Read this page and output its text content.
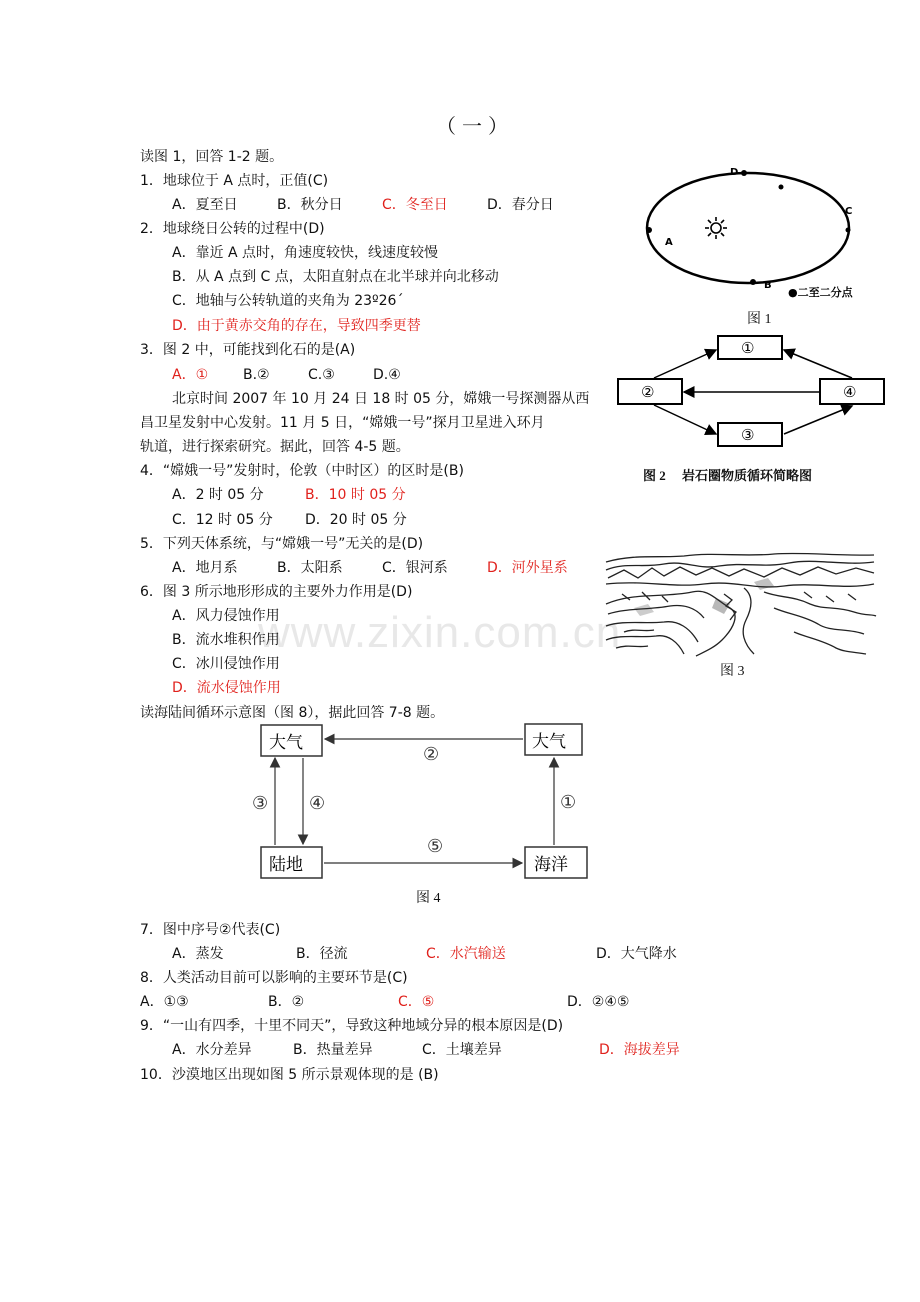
www.zixin.com.cn
（一）
读图 1，回答 1-2 题。
1．地球位于 A 点时，正值(C)
A．夏至日	B．秋分日	C．冬至日	D．春分日
2．地球绕日公转的过程中(D)
A．靠近 A 点时，角速度较快，线速度较慢
B．从 A 点到 C 点，太阳直射点在北半球并向北移动
C．地轴与公转轨道的夹角为 23º26´
D．由于黄赤交角的存在，导致四季更替
3．图 2 中，可能找到化石的是(A)
A．① B.②	C.③	D.④
北京时间 2007 年 10 月 24 日 18 时 05 分，嫦娥一号探测器从西
昌卫星发射中心发射。11 月 5 日，“嫦娥一号”探月卫星进入环月
轨道，进行探索研究。据此，回答 4-5 题。
4．“嫦娥一号”发射时，伦敦（中时区）的区时是(B)
A．2 时 05 分	B．10 时 05 分
C．12 时 05 分 D．20 时 05 分
5．下列天体系统，与“嫦娥一号”无关的是(D)
A．地月系	B．太阳系	C．银河系	D．河外星系
6．图 3 所示地形形成的主要外力作用是(D)
A．风力侵蚀作用
B．流水堆积作用
C．冰川侵蚀作用
D．流水侵蚀作用
读海陆间循环示意图（图 8），据此回答 7-8 题。
7．图中序号②代表(C)
A．蒸发	B．径流	C．水汽输送	D．大气降水
8．人类活动目前可以影响的主要环节是(C)
A．①③	B．②	C．⑤	D．②④⑤
9．“一山有四季，十里不同天”，导致这种地域分异的根本原因是(D)
A．水分差异	B．热量差异	C．土壤差异	D．海拔差异
10．沙漠地区出现如图 5 所示景观体现的是 (B)
D
C
B
A
●二至二分点
图 1
①
②
③
④
图 2　 岩石圈物质循环简略图
图 3
大气	大气
陆地	海洋
①
②
③ ④
⑤
图 4
